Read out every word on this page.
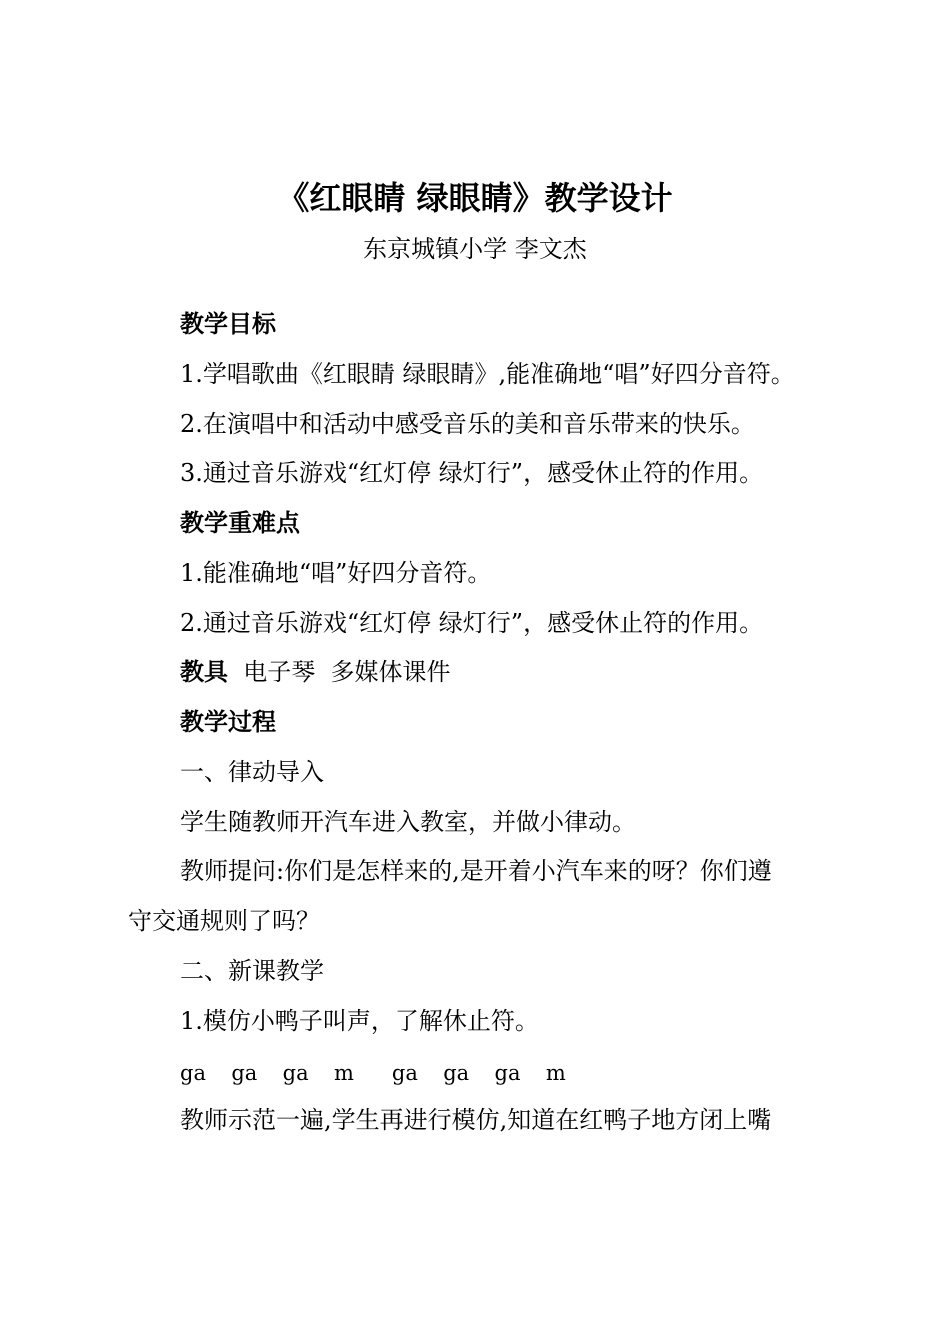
《红眼睛 绿眼睛》教学设计
东京城镇小学 李文杰
教学目标
1.学唱歌曲《红眼睛 绿眼睛》,能准确地“唱”好四分音符。
2.在演唱中和活动中感受音乐的美和音乐带来的快乐。
3.通过音乐游戏“红灯停 绿灯行”，感受休止符的作用。
教学重难点
1.能准确地“唱”好四分音符。
2.通过音乐游戏“红灯停 绿灯行”，感受休止符的作用。
教具  电子琴  多媒体课件
教学过程
一、律动导入
学生随教师开汽车进入教室，并做小律动。
教师提问:你们是怎样来的,是开着小汽车来的呀？你们遵
守交通规则了吗？
二、新课教学
1.模仿小鸭子叫声，了解休止符。
ga  ga  ga  m   ga  ga  ga  m
教师示范一遍,学生再进行模仿,知道在红鸭子地方闭上嘴
